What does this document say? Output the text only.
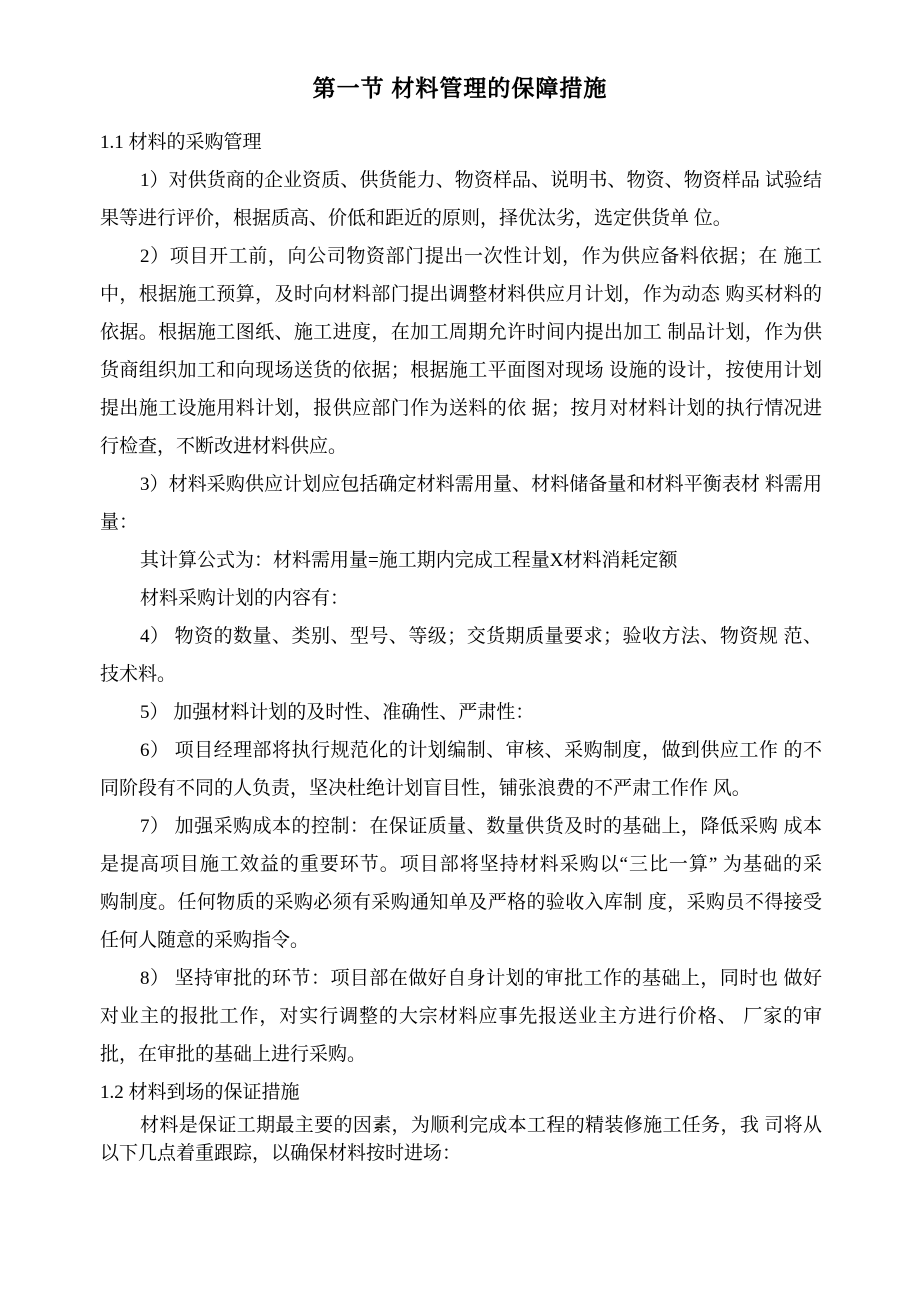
第一节 材料管理的保障措施
1.1 材料的采购管理
1）对供货商的企业资质、供货能力、物资样品、说明书、物资、物资样品 试验结
果等进行评价，根据质高、价低和距近的原则，择优汰劣，选定供货单 位。
2）项目开工前，向公司物资部门提出一次性计划，作为供应备料依据；在 施工
中，根据施工预算，及时向材料部门提出调整材料供应月计划，作为动态 购买材料的
依据。根据施工图纸、施工进度，在加工周期允许时间内提出加工 制品计划，作为供
货商组织加工和向现场送货的依据；根据施工平面图对现场 设施的设计，按使用计划
提出施工设施用料计划，报供应部门作为送料的依 据；按月对材料计划的执行情况进
行检查，不断改进材料供应。
3）材料采购供应计划应包括确定材料需用量、材料储备量和材料平衡表材 料需用
量：
其计算公式为：材料需用量=施工期内完成工程量X材料消耗定额
材料采购计划的内容有：
4） 物资的数量、类别、型号、等级；交货期质量要求；验收方法、物资规 范、
技术料。
5） 加强材料计划的及时性、准确性、严肃性：
6） 项目经理部将执行规范化的计划编制、审核、采购制度，做到供应工作 的不
同阶段有不同的人负责，坚决杜绝计划盲目性，铺张浪费的不严肃工作作 风。
7） 加强采购成本的控制：在保证质量、数量供货及时的基础上，降低采购 成本
是提高项目施工效益的重要环节。项目部将坚持材料采购以“三比一算” 为基础的采
购制度。任何物质的采购必须有采购通知单及严格的验收入库制 度，采购员不得接受
任何人随意的采购指令。
8） 坚持审批的环节：项目部在做好自身计划的审批工作的基础上，同时也 做好
对业主的报批工作，对实行调整的大宗材料应事先报送业主方进行价格、 厂家的审
批，在审批的基础上进行采购。
1.2 材料到场的保证措施
材料是保证工期最主要的因素，为顺利完成本工程的精装修施工任务，我 司将从
以下几点着重跟踪，以确保材料按时进场：
